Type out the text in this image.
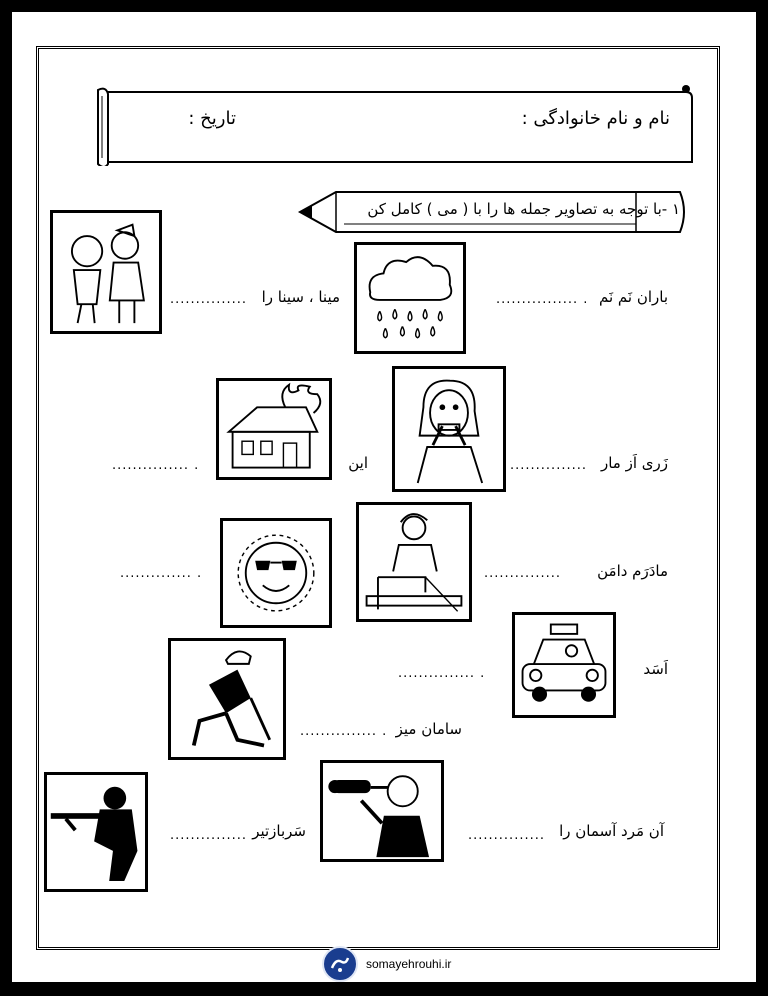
نام و نام خانوادگی :
تاریخ :
١ -با توجه به تصاویر جمله ها را با ( می ) کامل کن
باران نَم نَم
................ .
مینا ، سینا را
...............
زَری اَز مار
...............
این
............... .
مادَرَم دامَن
...............
.............. .
اَسَد
............... .
سامان میز
............... .
آن مَرد آسمان را
...............
سَربازتیر
...............
somayehrouhi.ir
